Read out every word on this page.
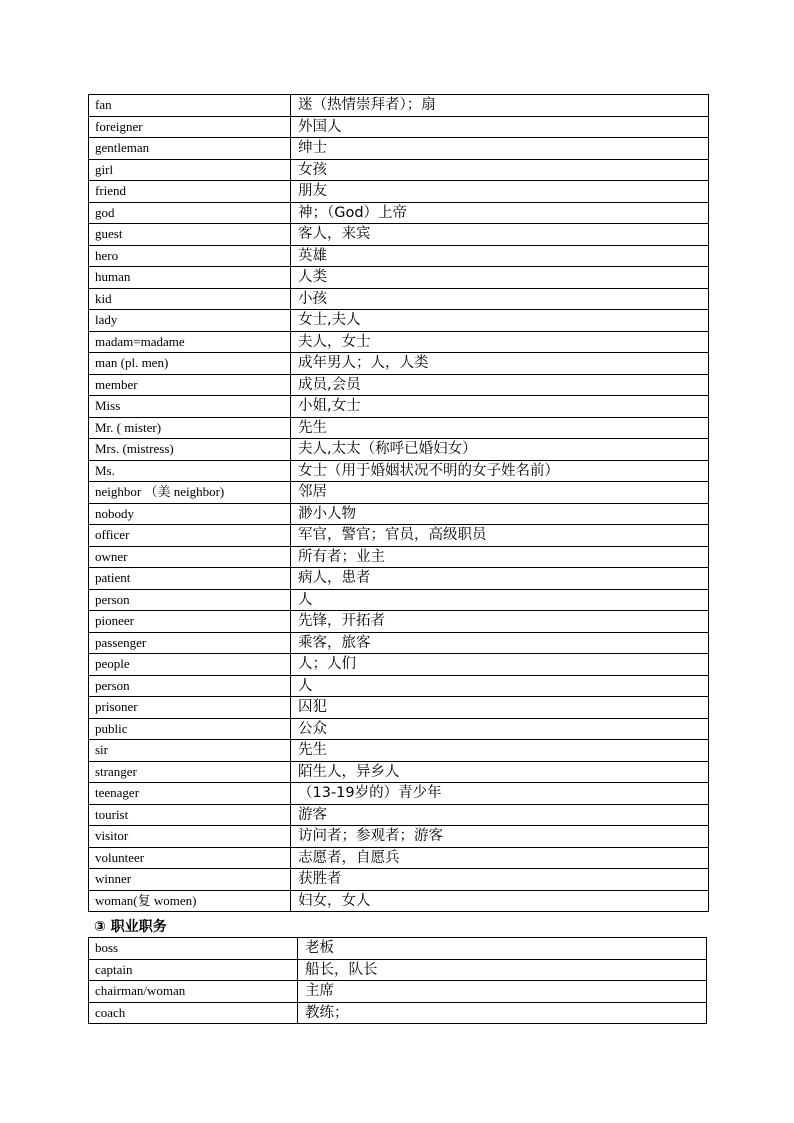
fan	迷（热情崇拜者）；扇
foreigner	外国人
gentleman	绅士
girl	女孩
friend	朋友
god	神；（God）上帝
guest	客人，来宾
hero	英雄
human	人类
kid	小孩
lady	女士,夫人
madam=madame	夫人，女士
man (pl. men)	成年男人；人，人类
member	成员,会员
Miss	小姐,女士
Mr. ( mister)	先生
Mrs. (mistress)	夫人,太太（称呼已婚妇女）
Ms.	女士（用于婚姻状况不明的女子姓名前）
neighbor （美 neighbor)	邻居
nobody	渺小人物
officer	军官，警官；官员，高级职员
owner	所有者；业主
patient	病人，患者
person	人
pioneer	先锋，开拓者
passenger	乘客，旅客
people	人；人们
person	人
prisoner	囚犯
public	公众
sir	先生
stranger	陌生人，异乡人
teenager	（13-19岁的）青少年
tourist	游客
visitor	访问者；参观者；游客
volunteer	志愿者，自愿兵
winner	获胜者
woman(复 women)	妇女，女人
③ 职业职务
boss	老板
captain	船长，队长
chairman/woman	主席
coach	教练；
